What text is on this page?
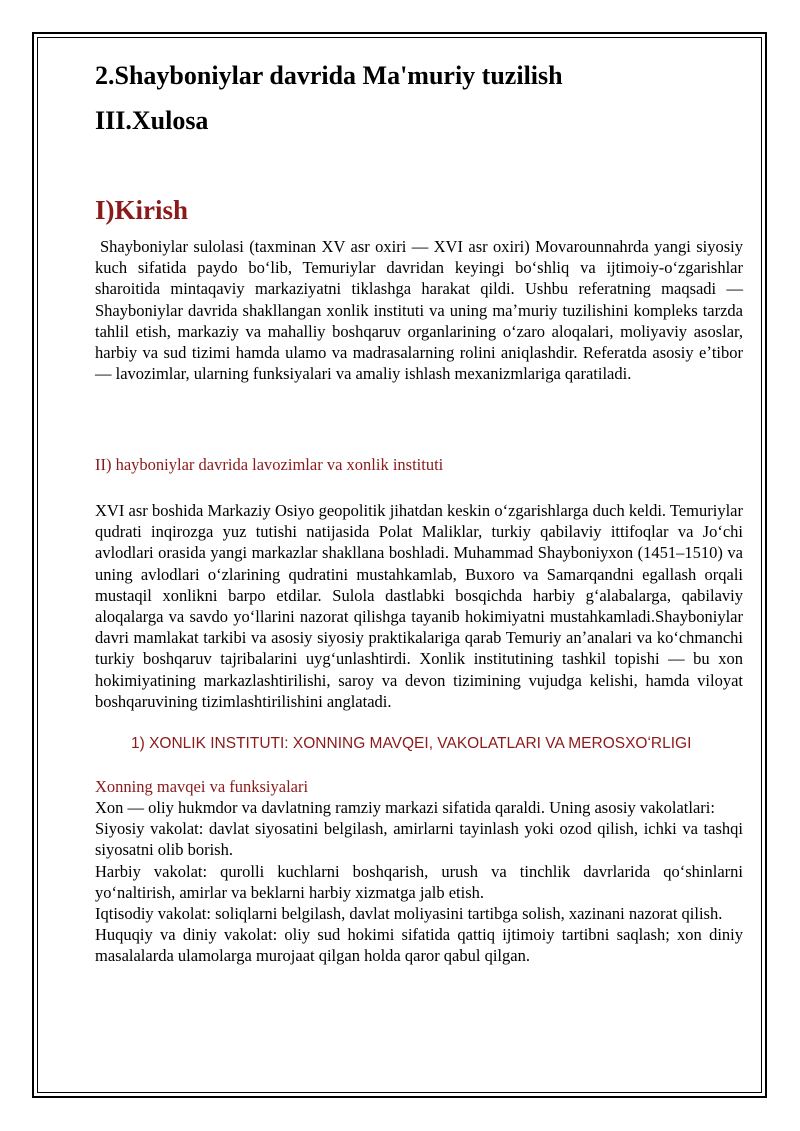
2.Shayboniylar davrida Ma'muriy tuzilish
III.Xulosa
I)Kirish

Shayboniylar sulolasi (taxminan XV asr oxiri — XVI asr oxiri) Movarounnahrda yangi siyosiy kuch sifatida paydo boʻlib, Temuriylar davridan keyingi boʻshliq va ijtimoiy-oʻzgarishlar sharoitida mintaqaviy markaziyatni tiklashga harakat qildi. Ushbu referatning maqsadi — Shayboniylar davrida shakllangan xonlik instituti va uning maʼmuriy tuzilishini kompleks tarzda tahlil etish, markaziy va mahalliy boshqaruv organlarining oʻzaro aloqalari, moliyaviy asoslar, harbiy va sud tizimi hamda ulamo va madrasalarning rolini aniqlashdir. Referatda asosiy eʼtibor — lavozimlar, ularning funksiyalari va amaliy ishlash mexanizmlariga qaratiladi.

II) hayboniylar davrida lavozimlar va xonlik instituti

XVI asr boshida Markaziy Osiyo geopolitik jihatdan keskin oʻzgarishlarga duch keldi. Temuriylar qudrati inqirozga yuz tutishi natijasida Polat Maliklar, turkiy qabilaviy ittifoqlar va Joʻchi avlodlari orasida yangi markazlar shakllana boshladi. Muhammad Shayboniyxon (1451–1510) va uning avlodlari oʻzlarining qudratini mustahkamlab, Buxoro va Samarqandni egallash orqali mustaqil xonlikni barpo etdilar. Sulola dastlabki bosqichda harbiy gʻalabalarga, qabilaviy aloqalarga va savdo yoʻllarini nazorat qilishga tayanib hokimiyatni mustahkamladi.Shayboniylar davri mamlakat tarkibi va asosiy siyosiy praktikalariga qarab Temuriy anʼanalari va koʻchmanchi turkiy boshqaruv tajribalarini uygʻunlashtirdi. Xonlik institutining tashkil topishi — bu xon hokimiyatining markazlashtirilishi, saroy va devon tizimining vujudga kelishi, hamda viloyat boshqaruvining tizimlashtirilishini anglatadi.

1) XONLIK INSTITUTI: XONNING MAVQEI, VAKOLATLARI VA MEROSXOʻRLIGI

Xonning mavqei va funksiyalari

Xon — oliy hukmdor va davlatning ramziy markazi sifatida qaraldi. Uning asosiy vakolatlari:

Siyosiy vakolat: davlat siyosatini belgilash, amirlarni tayinlash yoki ozod qilish, ichki va tashqi siyosatni olib borish.

Harbiy vakolat: qurolli kuchlarni boshqarish, urush va tinchlik davrlarida qoʻshinlarni yoʻnaltirish, amirlar va beklarni harbiy xizmatga jalb etish.

Iqtisodiy vakolat: soliqlarni belgilash, davlat moliyasini tartibga solish, xazinani nazorat qilish.

Huquqiy va diniy vakolat: oliy sud hokimi sifatida qattiq ijtimoiy tartibni saqlash; xon diniy masalalarda ulamolarga murojaat qilgan holda qaror qabul qilgan.
